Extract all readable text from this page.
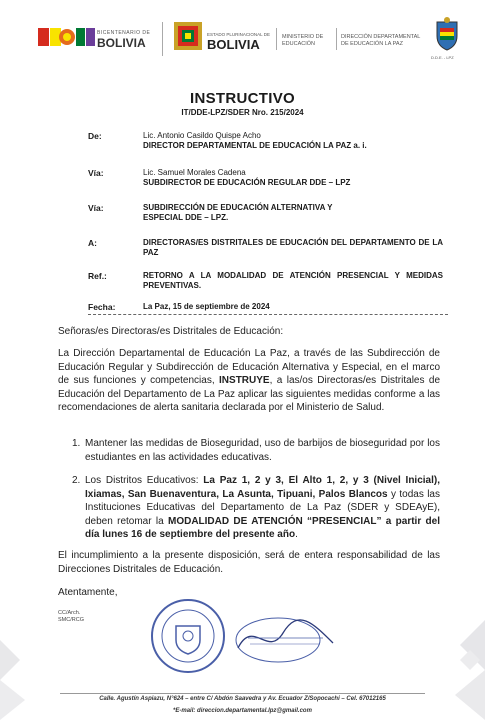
BICENTENARIO DE
BOLIVIA
ESTADO PLURINACIONAL DE
BOLIVIA	MINISTERIO DE EDUCACIÓN
DIRECCIÓN DEPARTAMENTAL DE EDUCACIÓN LA PAZ
D.D.E. - LPZ
INSTRUCTIVO
IT/DDE-LPZ/SDER Nro. 215/2024
De:	Lic. Antonio Casildo Quispe Acho
DIRECTOR DEPARTAMENTAL DE EDUCACIÓN LA PAZ a. i.
Vía:	Lic. Samuel Morales Cadena
SUBDIRECTOR DE EDUCACIÓN REGULAR DDE – LPZ
Vía:	SUBDIRECCIÓN DE EDUCACIÓN ALTERNATIVA Y ESPECIAL DDE – LPZ.
A:	DIRECTORAS/ES DISTRITALES DE EDUCACIÓN DEL DEPARTAMENTO DE LA PAZ
Ref.:	RETORNO A LA MODALIDAD DE ATENCIÓN PRESENCIAL Y MEDIDAS PREVENTIVAS.
Fecha:	La Paz, 15 de septiembre de 2024
Señoras/es Directoras/es Distritales de Educación:
La Dirección Departamental de Educación La Paz, a través de las Subdirección de Educación Regular y Subdirección de Educación Alternativa y Especial, en el marco de sus funciones y competencias, INSTRUYE, a las/os Directoras/es Distritales de Educación del Departamento de La Paz aplicar las siguientes medidas conforme a las recomendaciones de alerta sanitaria declarada por el Ministerio de Salud.
1. Mantener las medidas de Bioseguridad, uso de barbijos de bioseguridad por los estudiantes en las actividades educativas.
2. Los Distritos Educativos: La Paz 1, 2 y 3, El Alto 1, 2, y 3 (Nivel Inicial), Ixiamas, San Buenaventura, La Asunta, Tipuani, Palos Blancos y todas las Instituciones Educativas del Departamento de La Paz (SDER y SDEAyE), deben retomar la MODALIDAD DE ATENCIÓN “PRESENCIAL” a partir del día lunes 16 de septiembre del presente año.
El incumplimiento a la presente disposición, será de entera responsabilidad de las Direcciones Distritales de Educación.
Atentamente,
CC/Arch.
SMC/RCG
Calle. Agustín Aspiazu, N°624 – entre C/ Abdón Saavedra y Av. Ecuador Z/Sopocachi – Cel. 67012165
*E-mail: direccion.departamental.lpz@gmail.com
